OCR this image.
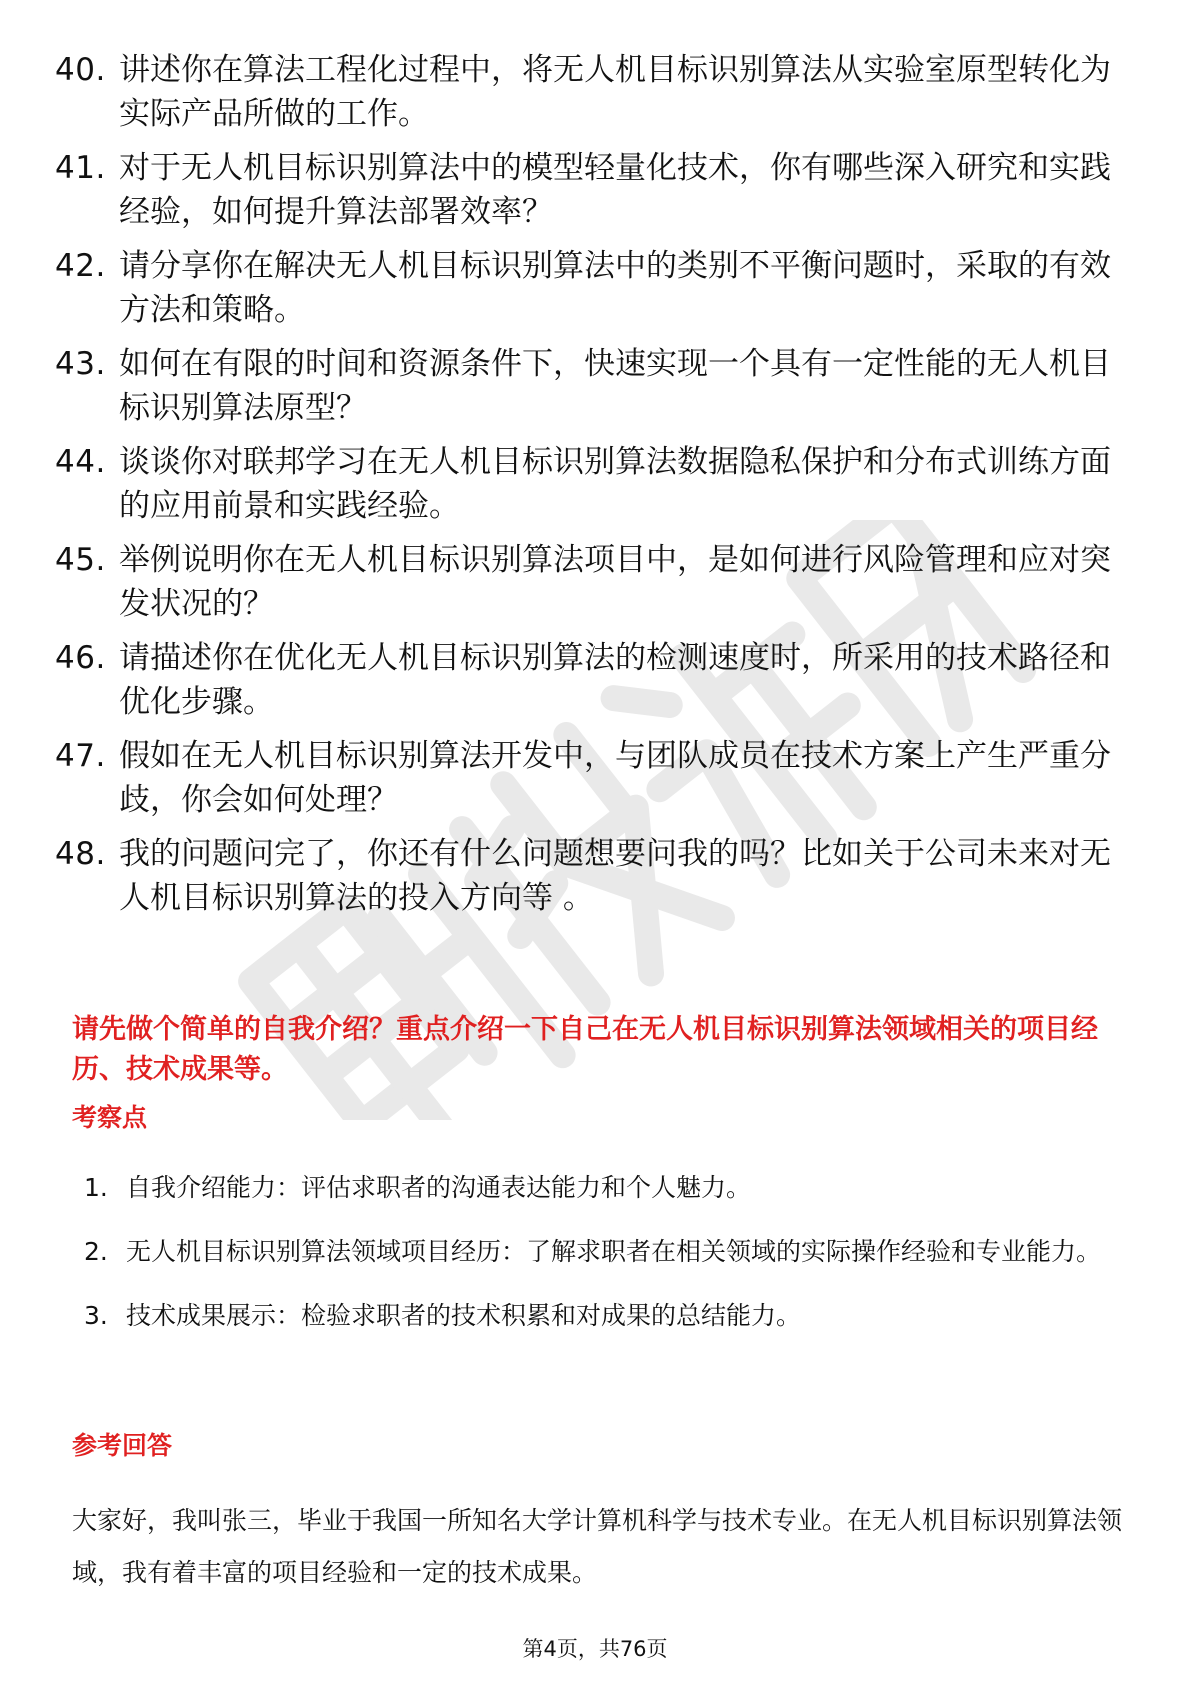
40. 讲述你在算法工程化过程中，将无人机目标识别算法从实验室原型转化为实际产品所做的工作。
41. 对于无人机目标识别算法中的模型轻量化技术，你有哪些深入研究和实践经验，如何提升算法部署效率？
42. 请分享你在解决无人机目标识别算法中的类别不平衡问题时，采取的有效方法和策略。
43. 如何在有限的时间和资源条件下，快速实现一个具有一定性能的无人机目标识别算法原型？
44. 谈谈你对联邦学习在无人机目标识别算法数据隐私保护和分布式训练方面的应用前景和实践经验。
45. 举例说明你在无人机目标识别算法项目中，是如何进行风险管理和应对突发状况的？
46. 请描述你在优化无人机目标识别算法的检测速度时，所采用的技术路径和优化步骤。
47. 假如在无人机目标识别算法开发中，与团队成员在技术方案上产生严重分歧，你会如何处理？
48. 我的问题问完了，你还有什么问题想要问我的吗？比如关于公司未来对无人机目标识别算法的投入方向等 。
请先做个简单的自我介绍？重点介绍一下自己在无人机目标识别算法领域相关的项目经历、技术成果等。
考察点
1. 自我介绍能力：评估求职者的沟通表达能力和个人魅力。
2. 无人机目标识别算法领域项目经历：了解求职者在相关领域的实际操作经验和专业能力。
3. 技术成果展示：检验求职者的技术积累和对成果的总结能力。
参考回答
大家好，我叫张三，毕业于我国一所知名大学计算机科学与技术专业。在无人机目标识别算法领域，我有着丰富的项目经验和一定的技术成果。
第4页，共76页
